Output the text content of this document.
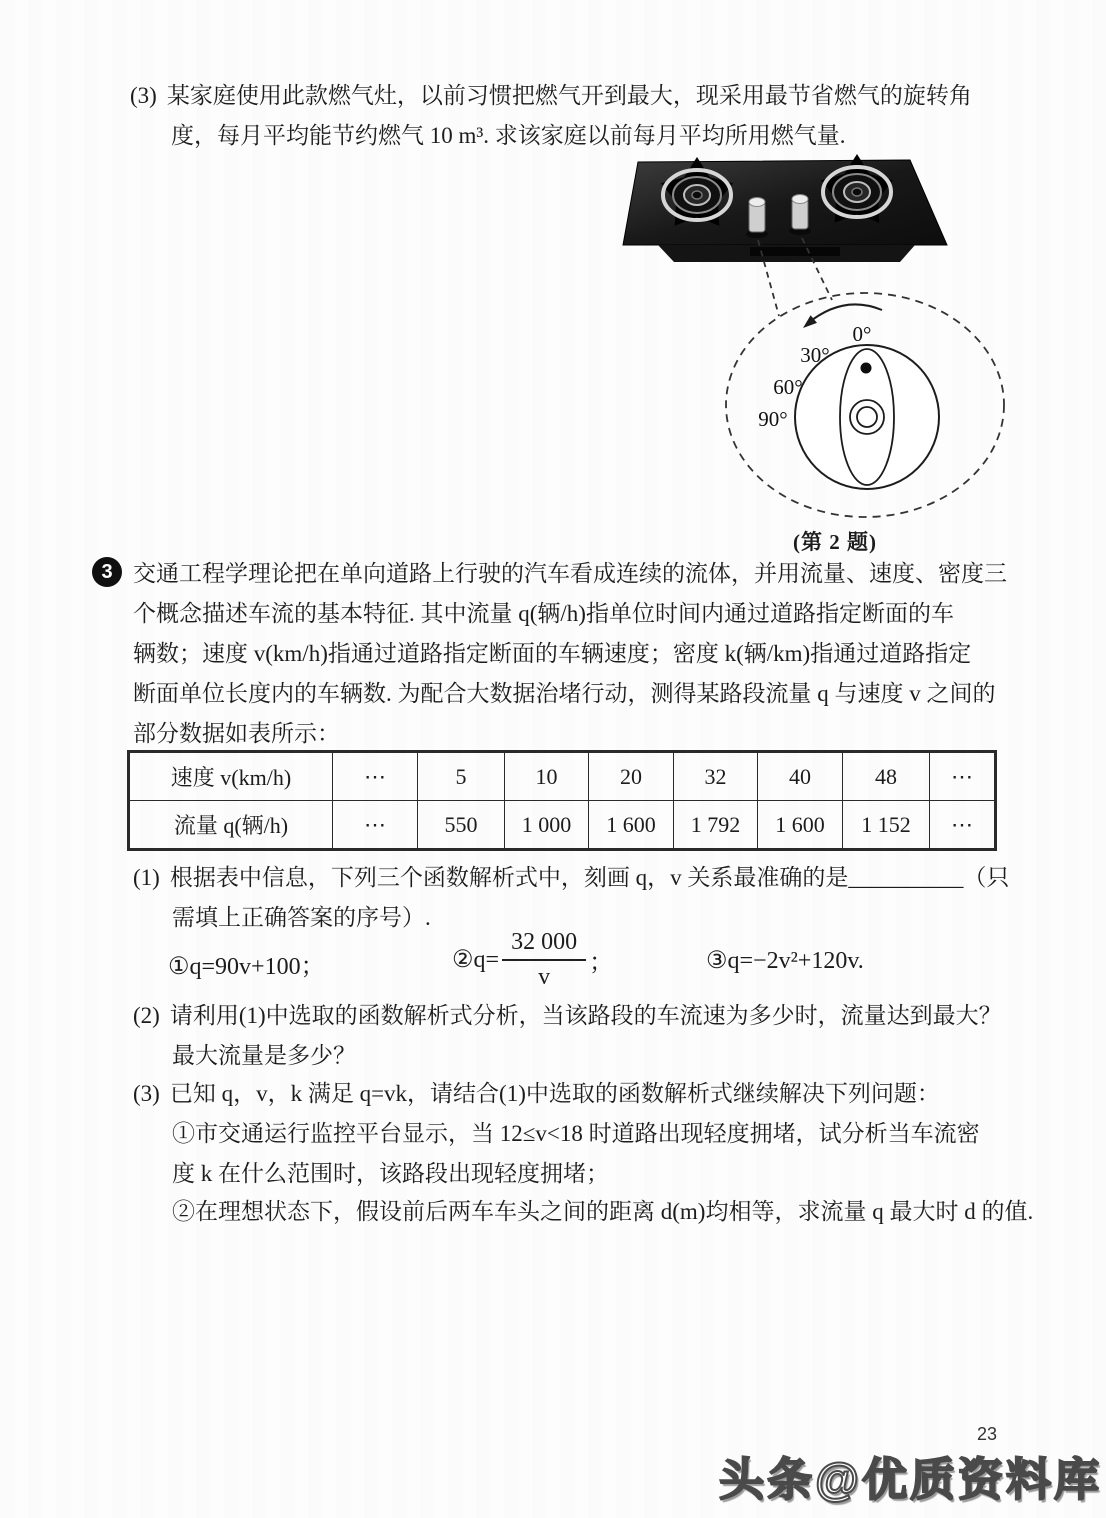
(3) 某家庭使用此款燃气灶，以前习惯把燃气开到最大，现采用最节省燃气的旋转角
度，每月平均能节约燃气 10 m³. 求该家庭以前每月平均所用燃气量.
0°
30°
60°
90°
(第 2 题)
3 交通工程学理论把在单向道路上行驶的汽车看成连续的流体，并用流量、速度、密度三
个概念描述车流的基本特征. 其中流量 q(辆/h)指单位时间内通过道路指定断面的车
辆数；速度 v(km/h)指通过道路指定断面的车辆速度；密度 k(辆/km)指通过道路指定
断面单位长度内的车辆数. 为配合大数据治堵行动，测得某路段流量 q 与速度 v 之间的
部分数据如表所示：
速度 v(km/h)	⋯	5	10	20	32	40	48	⋯
流量 q(辆/h)	⋯	550	1 000	1 600	1 792	1 600	1 152	⋯
(1) 根据表中信息，下列三个函数解析式中，刻画 q，v 关系最准确的是__________（只
需填上正确答案的序号）.
①q=90v+100；	②q= $\frac{32 000}{v}$ ；	③q=−2v²+120v.
(2) 请利用(1)中选取的函数解析式分析，当该路段的车流速为多少时，流量达到最大？
最大流量是多少？
(3) 已知 q，v，k 满足 q=vk，请结合(1)中选取的函数解析式继续解决下列问题：
①市交通运行监控平台显示，当 12≤v<18 时道路出现轻度拥堵，试分析当车流密
度 k 在什么范围时，该路段出现轻度拥堵；
②在理想状态下，假设前后两车车头之间的距离 d(m)均相等，求流量 q 最大时 d 的值.
23
头条@优质资料库
